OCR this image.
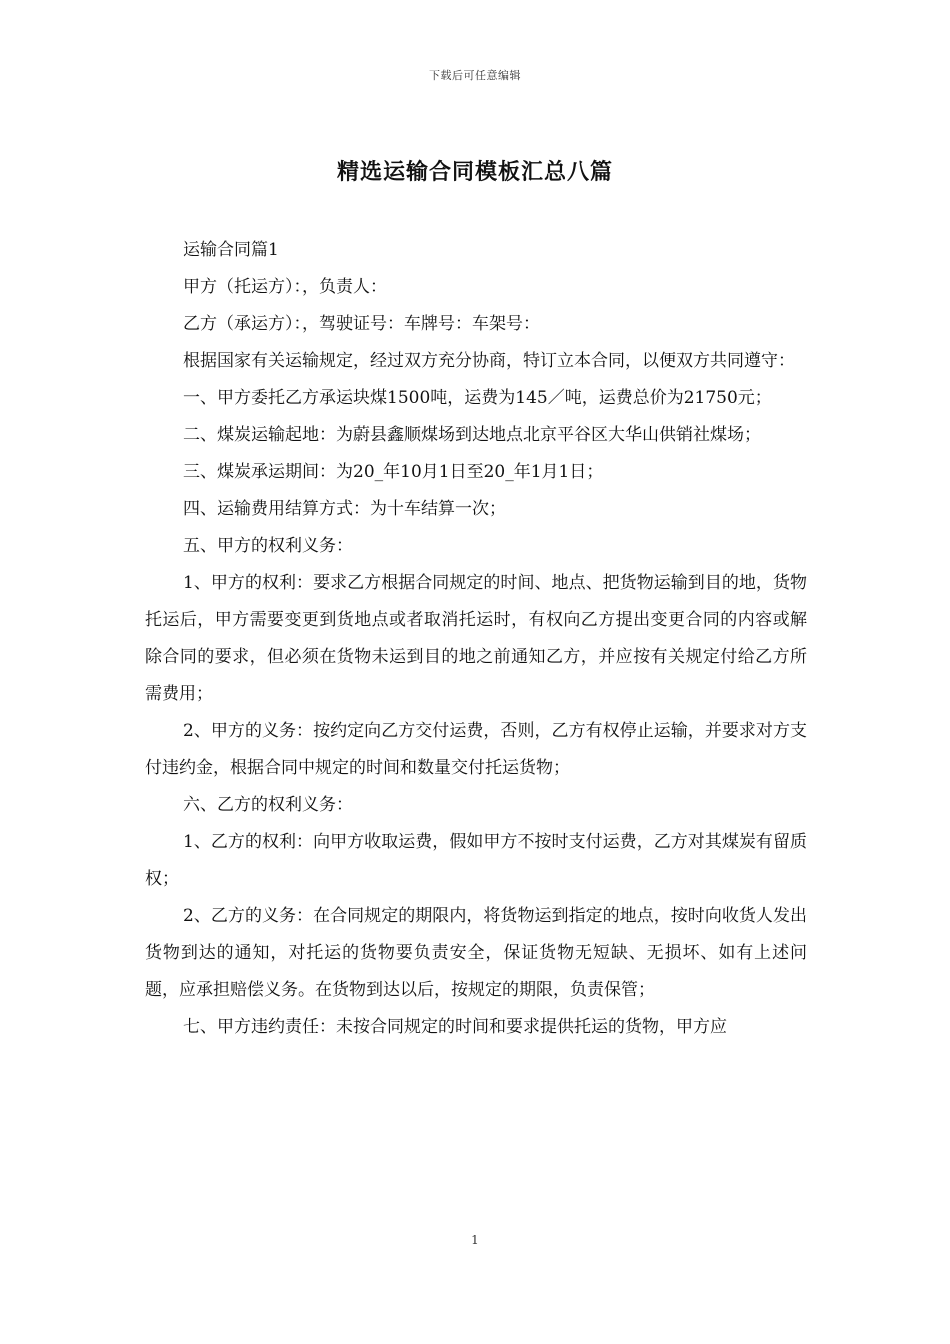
下载后可任意编辑
精选运输合同模板汇总八篇

运输合同篇1

甲方（托运方）：，负责人：

乙方（承运方）：，驾驶证号：车牌号：车架号：

根据国家有关运输规定，经过双方充分协商，特订立本合同，以便双方共同遵守：

一、甲方委托乙方承运块煤1500吨，运费为145／吨，运费总价为21750元；

二、煤炭运输起地：为蔚县鑫顺煤场到达地点北京平谷区大华山供销社煤场；

三、煤炭承运期间：为20_年10月1日至20_年1月1日；

四、运输费用结算方式：为十车结算一次；

五、甲方的权利义务：

1、甲方的权利：要求乙方根据合同规定的时间、地点、把货物运输到目的地，货物托运后，甲方需要变更到货地点或者取消托运时，有权向乙方提出变更合同的内容或解除合同的要求，但必须在货物未运到目的地之前通知乙方，并应按有关规定付给乙方所需费用；

2、甲方的义务：按约定向乙方交付运费，否则，乙方有权停止运输，并要求对方支付违约金，根据合同中规定的时间和数量交付托运货物；

六、乙方的权利义务：

1、乙方的权利：向甲方收取运费，假如甲方不按时支付运费，乙方对其煤炭有留质权；

2、乙方的义务：在合同规定的期限内，将货物运到指定的地点，按时向收货人发出货物到达的通知，对托运的货物要负责安全，保证货物无短缺、无损坏、如有上述问题，应承担赔偿义务。在货物到达以后，按规定的期限，负责保管；

七、甲方违约责任：未按合同规定的时间和要求提供托运的货物，甲方应

1
